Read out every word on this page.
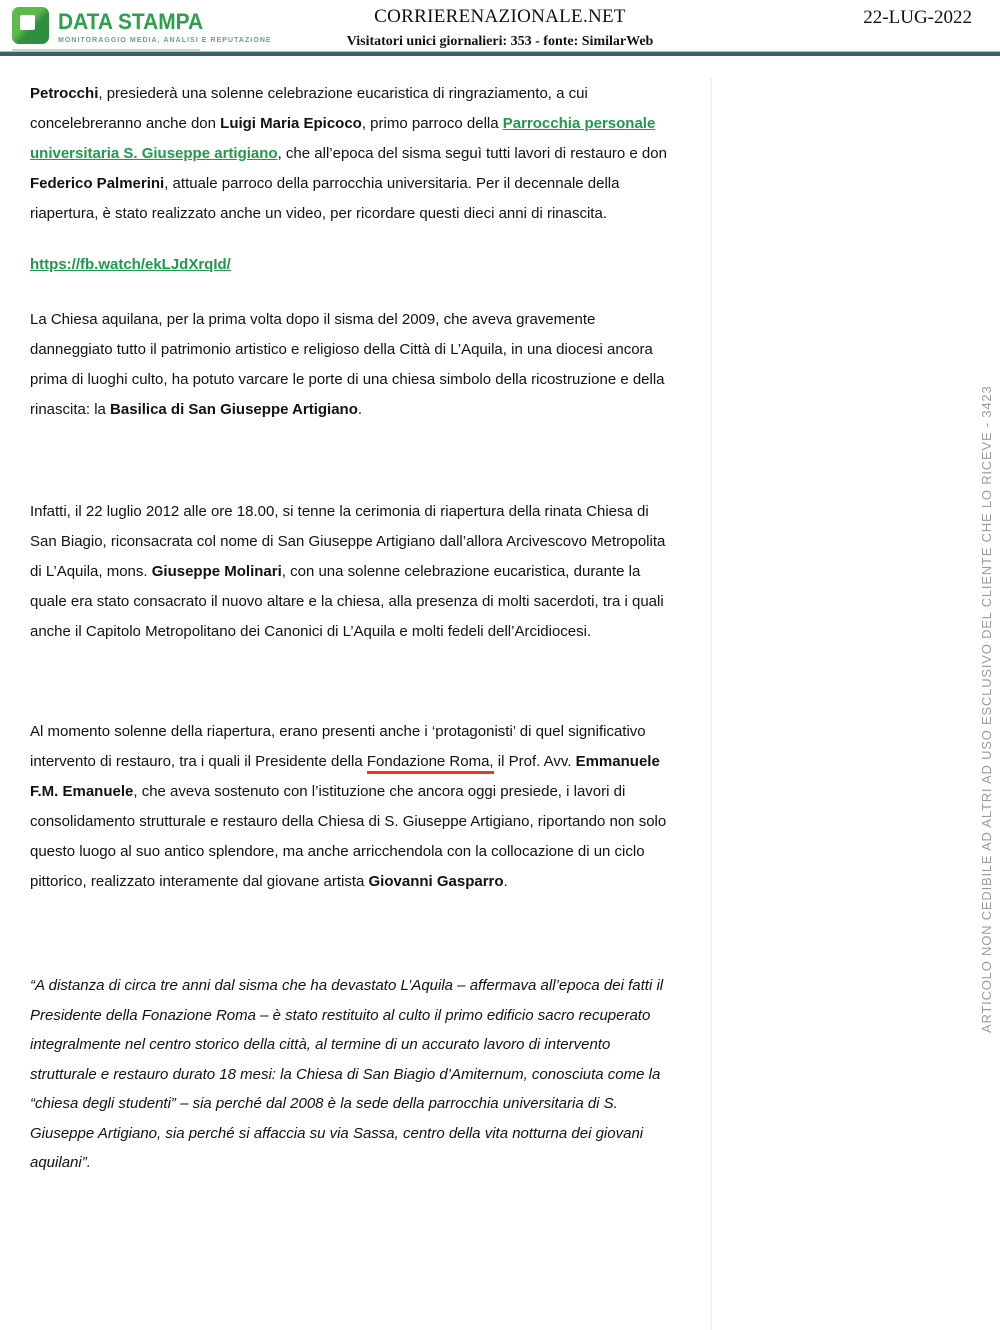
DATA STAMPA
MONITORAGGIO MEDIA, ANALISI E REPUTAZIONE
CORRIERENAZIONALE.NET
Visitatori unici giornalieri: 353 - fonte: SimilarWeb
22-LUG-2022

Petrocchi, presiederà una solenne celebrazione eucaristica di ringraziamento, a cui concelebreranno anche don Luigi Maria Epicoco, primo parroco della Parrocchia personale universitaria S. Giuseppe artigiano, che all’epoca del sisma seguì tutti lavori di restauro e don Federico Palmerini, attuale parroco della parrocchia universitaria. Per il decennale della riapertura, è stato realizzato anche un video, per ricordare questi dieci anni di rinascita.

https://fb.watch/ekLJdXrqId/

La Chiesa aquilana, per la prima volta dopo il sisma del 2009, che aveva gravemente danneggiato tutto il patrimonio artistico e religioso della Città di L’Aquila, in una diocesi ancora prima di luoghi culto, ha potuto varcare le porte di una chiesa simbolo della ricostruzione e della rinascita: la Basilica di San Giuseppe Artigiano.

Infatti, il 22 luglio 2012 alle ore 18.00, si tenne la cerimonia di riapertura della rinata Chiesa di San Biagio, riconsacrata col nome di San Giuseppe Artigiano dall’allora Arcivescovo Metropolita di L’Aquila, mons. Giuseppe Molinari, con una solenne celebrazione eucaristica, durante la quale era stato consacrato il nuovo altare e la chiesa, alla presenza di molti sacerdoti, tra i quali anche il Capitolo Metropolitano dei Canonici di L’Aquila e molti fedeli dell’Arcidiocesi.

Al momento solenne della riapertura, erano presenti anche i ‘protagonisti’ di quel significativo intervento di restauro, tra i quali il Presidente della Fondazione Roma, il Prof. Avv. Emmanuele F.M. Emanuele, che aveva sostenuto con l’istituzione che ancora oggi presiede, i lavori di consolidamento strutturale e restauro della Chiesa di S. Giuseppe Artigiano, riportando non solo questo luogo al suo antico splendore, ma anche arricchendola con la collocazione di un ciclo pittorico, realizzato interamente dal giovane artista Giovanni Gasparro.

“A distanza di circa tre anni dal sisma che ha devastato L’Aquila – affermava all’epoca dei fatti il Presidente della Fonazione Roma – è stato restituito al culto il primo edificio sacro recuperato integralmente nel centro storico della città, al termine di un accurato lavoro di intervento strutturale e restauro durato 18 mesi: la Chiesa di San Biagio d’Amiternum, conosciuta come la “chiesa degli studenti” – sia perché dal 2008 è la sede della parrocchia universitaria di S. Giuseppe Artigiano, sia perché si affaccia su via Sassa, centro della vita notturna dei giovani aquilani”.

ARTICOLO NON CEDIBILE AD ALTRI AD USO ESCLUSIVO DEL CLIENTE CHE LO RICEVE - 3423
